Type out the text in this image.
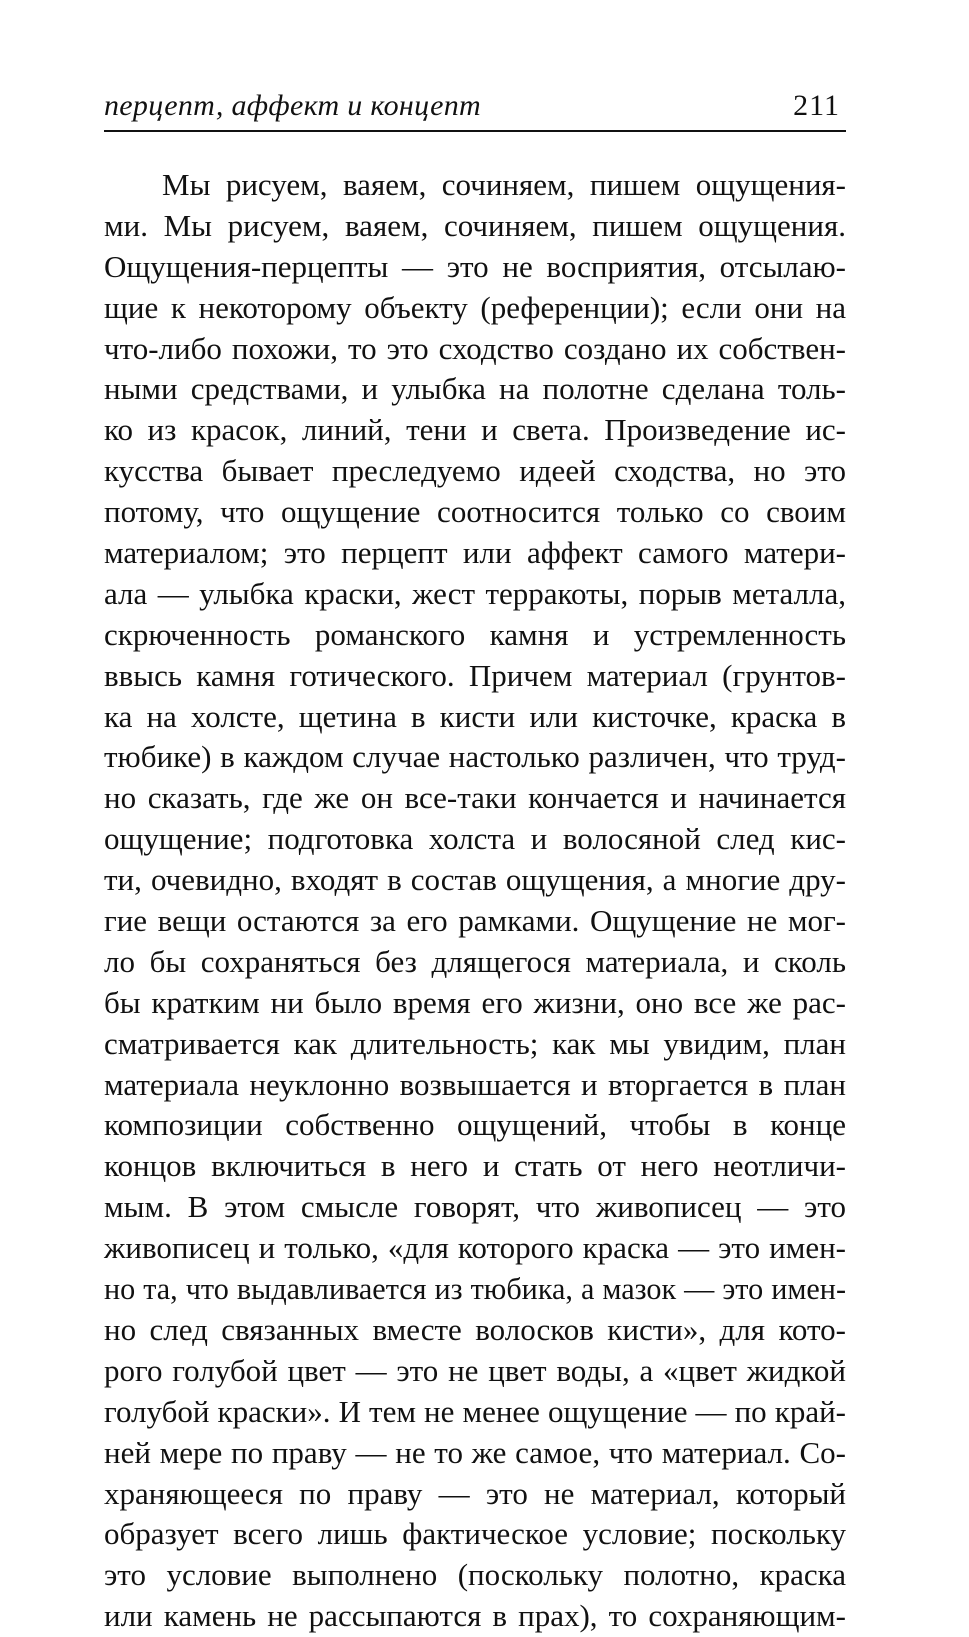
перцепт, аффект и концепт	211
Мы рисуем, ваяем, сочиняем, пишем ощущения-
ми. Мы рисуем, ваяем, сочиняем, пишем ощущения.
Ощущения-перцепты — это не восприятия, отсылаю-
щие к некоторому объекту (референции); если они на
что-либо похожи, то это сходство создано их собствен-
ными средствами, и улыбка на полотне сделана толь-
ко из красок, линий, тени и света. Произведение ис-
кусства бывает преследуемо идеей сходства, но это
потому, что ощущение соотносится только со своим
материалом; это перцепт или аффект самого матери-
ала — улыбка краски, жест терракоты, порыв металла,
скрюченность романского камня и устремленность
ввысь камня готического. Причем материал (грунтов-
ка на холсте, щетина в кисти или кисточке, краска в
тюбике) в каждом случае настолько различен, что труд-
но сказать, где же он все-таки кончается и начинается
ощущение; подготовка холста и волосяной след кис-
ти, очевидно, входят в состав ощущения, а многие дру-
гие вещи остаются за его рамками. Ощущение не мог-
ло бы сохраняться без длящегося материала, и сколь
бы кратким ни было время его жизни, оно все же рас-
сматривается как длительность; как мы увидим, план
материала неуклонно возвышается и вторгается в план
композиции собственно ощущений, чтобы в конце
концов включиться в него и стать от него неотличи-
мым. В этом смысле говорят, что живописец — это
живописец и только, «для которого краска — это имен-
но та, что выдавливается из тюбика, а мазок — это имен-
но след связанных вместе волосков кисти», для кото-
рого голубой цвет — это не цвет воды, а «цвет жидкой
голубой краски». И тем не менее ощущение — по край-
ней мере по праву — не то же самое, что материал. Со-
храняющееся по праву — это не материал, который
образует всего лишь фактическое условие; поскольку
это условие выполнено (поскольку полотно, краска
или камень не рассыпаются в прах), то сохраняющим-
